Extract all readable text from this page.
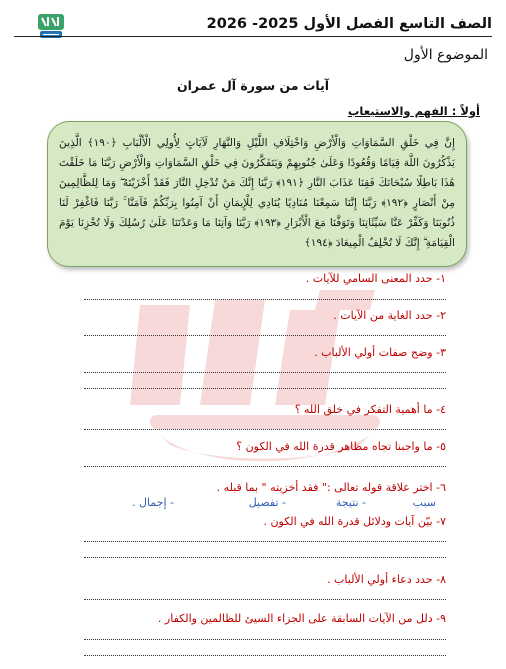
الصف التاسع الفصل الأول 2025- 2026
الموضوع الأول
آيات من سورة آل عمران
أولاً : الفهم والاستيعاب
إِنَّ فِي خَلْقِ السَّمَاوَاتِ وَالْأَرْضِ وَاخْتِلَافِ اللَّيْلِ وَالنَّهَارِ لَآيَاتٍ لِأُولِي الْأَلْبَابِ ﴿١٩٠﴾ الَّذِينَ يَذْكُرُونَ اللَّهَ قِيَامًا وَقُعُودًا وَعَلَىٰ جُنُوبِهِمْ وَيَتَفَكَّرُونَ فِي خَلْقِ السَّمَاوَاتِ وَالْأَرْضِ رَبَّنَا مَا خَلَقْتَ هَٰذَا بَاطِلًا سُبْحَانَكَ فَقِنَا عَذَابَ النَّارِ ﴿١٩١﴾ رَبَّنَا إِنَّكَ مَنْ تُدْخِلِ النَّارَ فَقَدْ أَخْزَيْتَهُ ۖ وَمَا لِلظَّالِمِينَ مِنْ أَنْصَارٍ ﴿١٩٢﴾ رَبَّنَا إِنَّنَا سَمِعْنَا مُنَادِيًا يُنَادِي لِلْإِيمَانِ أَنْ آمِنُوا بِرَبِّكُمْ فَآمَنَّا ۚ رَبَّنَا فَاغْفِرْ لَنَا ذُنُوبَنَا وَكَفِّرْ عَنَّا سَيِّئَاتِنَا وَتَوَفَّنَا مَعَ الْأَبْرَارِ ﴿١٩٣﴾ رَبَّنَا وَآتِنَا مَا وَعَدْتَنَا عَلَىٰ رُسُلِكَ وَلَا تُخْزِنَا يَوْمَ الْقِيَامَةِ ۗ إِنَّكَ لَا تُخْلِفُ الْمِيعَادَ ﴿١٩٤﴾
١- حدد المعنى السامي للآيات .
٢- حدد الغاية من الآيات .
٣- وضح صفات أولي الألباب .
٤- ما أهمية التفكر في خلق الله ؟
٥- ما واجبنا تجاه مظاهر قدرة الله في الكون ؟
٦- اختر علاقة قوله تعالى :" فقد أخزيته " بما قبله .
سبب
- نتيجة
- تفصيل
- إجمال .
٧- بيّن آيات ودلائل قدرة الله في الكون .
٨- حدد دعاء أولي الألباب .
٩- دلل من الآيات السابقة على الجزاء السيئ للظالمين والكفار .
